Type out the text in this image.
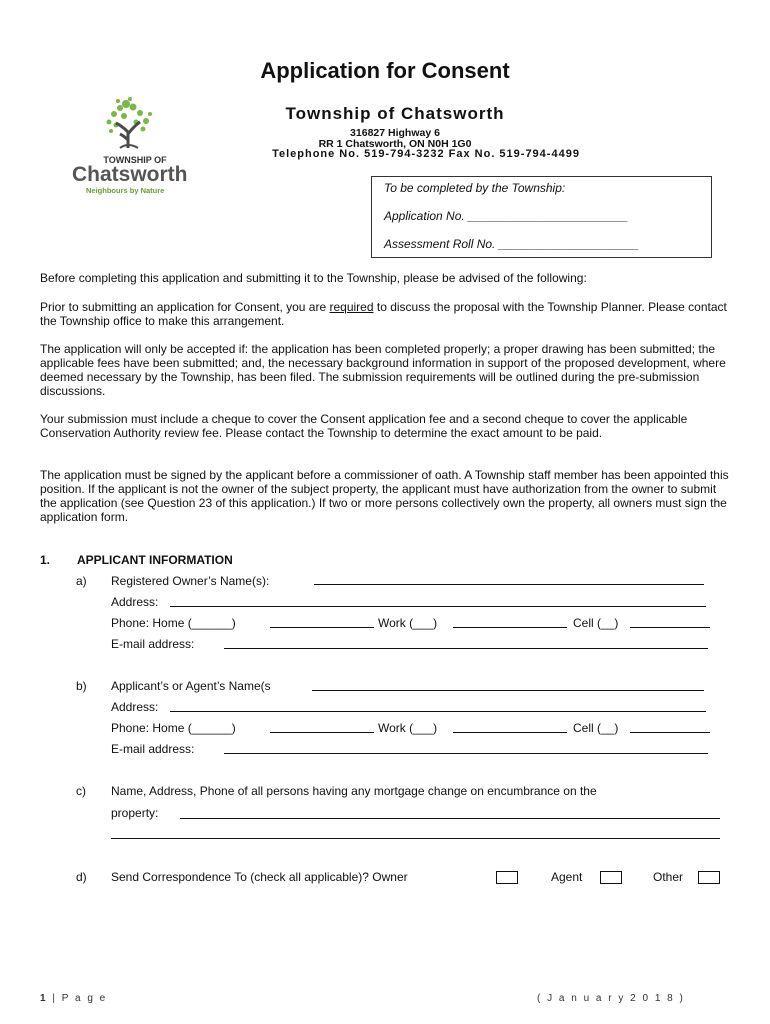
Application for Consent
Township of Chatsworth
316827 Highway 6
RR 1 Chatsworth, ON N0H 1G0
Telephone No. 519-794-3232 Fax No. 519-794-4499
TOWNSHIP OF
Chatsworth
Neighbours by Nature	To be completed by the Township:
Application No. ________________________
Assessment Roll No. _____________________
Before completing this application and submitting it to the Township, please be advised of the following:
Prior to submitting an application for Consent, you are required to discuss the proposal with the Township Planner. Please contact the Township office to make this arrangement.
The application will only be accepted if: the application has been completed properly; a proper drawing has been submitted; the applicable fees have been submitted; and, the necessary background information in support of the proposed development, where deemed necessary by the Township, has been filed. The submission requirements will be outlined during the pre-submission discussions.
Your submission must include a cheque to cover the Consent application fee and a second cheque to cover the applicable Conservation Authority review fee. Please contact the Township to determine the exact amount to be paid.
The application must be signed by the applicant before a commissioner of oath. A Township staff member has been appointed this position. If the applicant is not the owner of the subject property, the applicant must have authorization from the owner to submit the application (see Question 23 of this application.) If two or more persons collectively own the property, all owners must sign the application form.
1. APPLICANT INFORMATION
a) Registered Owner’s Name(s):
Address:
Phone: Home (______)	Work (___)	Cell (__)
E-mail address:
b) Applicant’s or Agent’s Name(s
Address:
Phone: Home (______)	Work (___)	Cell (__)
E-mail address:
c) Name, Address, Phone of all persons having any mortgage change on encumbrance on the
property:
d) Send Correspondence To (check all applicable)? Owner	Agent	Other
1 | P a g e	( J a n u a r y 2 0 1 8 )
